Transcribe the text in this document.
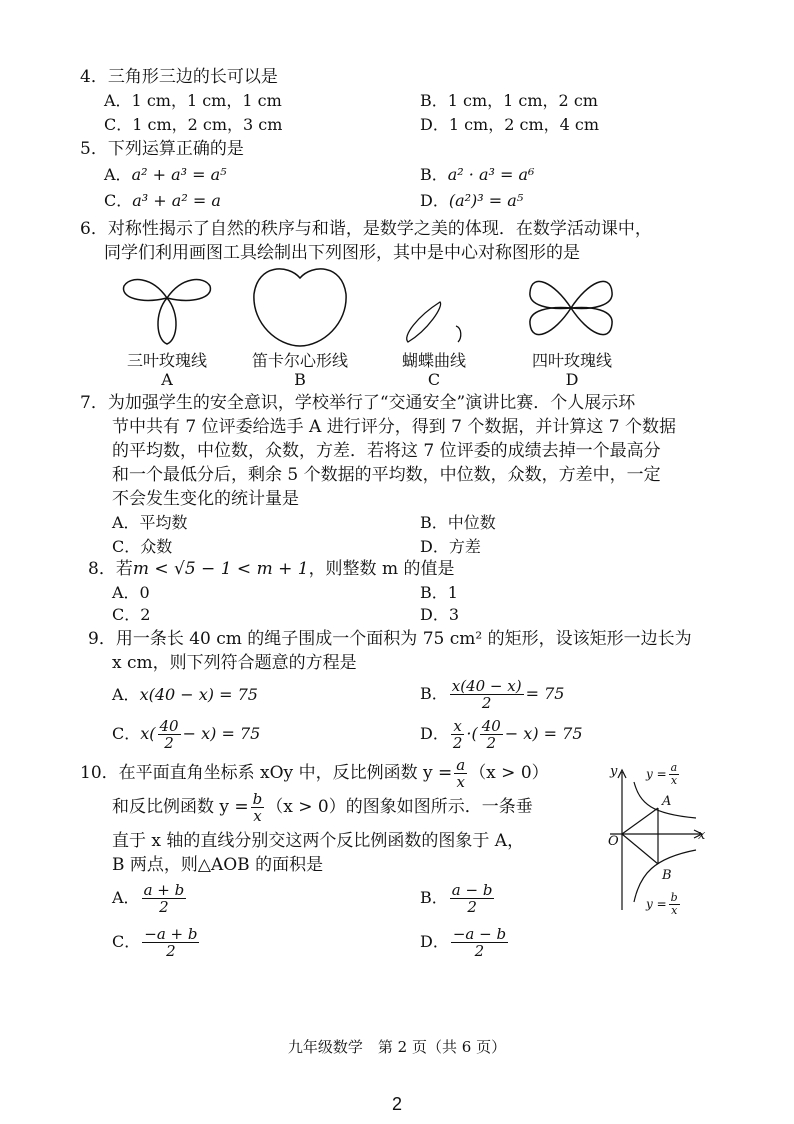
4．三角形三边的长可以是
A．1 cm，1 cm，1 cm	B．1 cm，1 cm，2 cm
C．1 cm，2 cm，3 cm	D．1 cm，2 cm，4 cm
5．下列运算正确的是
A．a² + a³ = a⁵	B．a² · a³ = a⁶
C．a³ + a² = a	D．(a²)³ = a⁵
6．对称性揭示了自然的秩序与和谐，是数学之美的体现．在数学活动课中，
同学们利用画图工具绘制出下列图形，其中是中心对称图形的是
三叶玫瑰线	笛卡尔心形线	蝴蝶曲线	四叶玫瑰线
A	B	C	D
7．为加强学生的安全意识，学校举行了“交通安全”演讲比赛．个人展示环
节中共有 7 位评委给选手 A 进行评分，得到 7 个数据，并计算这 7 个数据
的平均数，中位数，众数，方差．若将这 7 位评委的成绩去掉一个最高分
和一个最低分后，剩余 5 个数据的平均数，中位数，众数，方差中，一定
不会发生变化的统计量是
A．平均数	B．中位数
C．众数	D．方差
8．若m < √5 − 1 < m + 1，则整数 m 的值是
A．0	B．1
C．2	D．3
9．用一条长 40 cm 的绳子围成一个面积为 75 cm² 的矩形，设该矩形一边长为
x cm，则下列符合题意的方程是
A．x(40 − x) = 75	B． $\frac{x(40 - x)}{2} = 75$
C．$x( \frac{40}{2} - x) = 75$	D． $\frac{x}{2}$ ·( $\frac{40}{2} - x) = 75$
10．在平面直角坐标系 xOy 中，反比例函数 $y = \frac{a}{x} (x > 0)$
和反比例函数 $y = \frac{b}{x} (x > 0)$的图象如图所示．一条垂
直于 x 轴的直线分别交这两个反比例函数的图象于 A，
B 两点，则△AOB 的面积是
A． $\frac{a + b}{2}$	B． $\frac{a - b}{2}$
C． $\frac{-a + b}{2}$	D． $\frac{-a - b}{2}$
y
x
O
A
B
$y = \frac{a}{x}$
$y = \frac{b}{x}$
九年级数学　第 2 页（共 6 页）
2
